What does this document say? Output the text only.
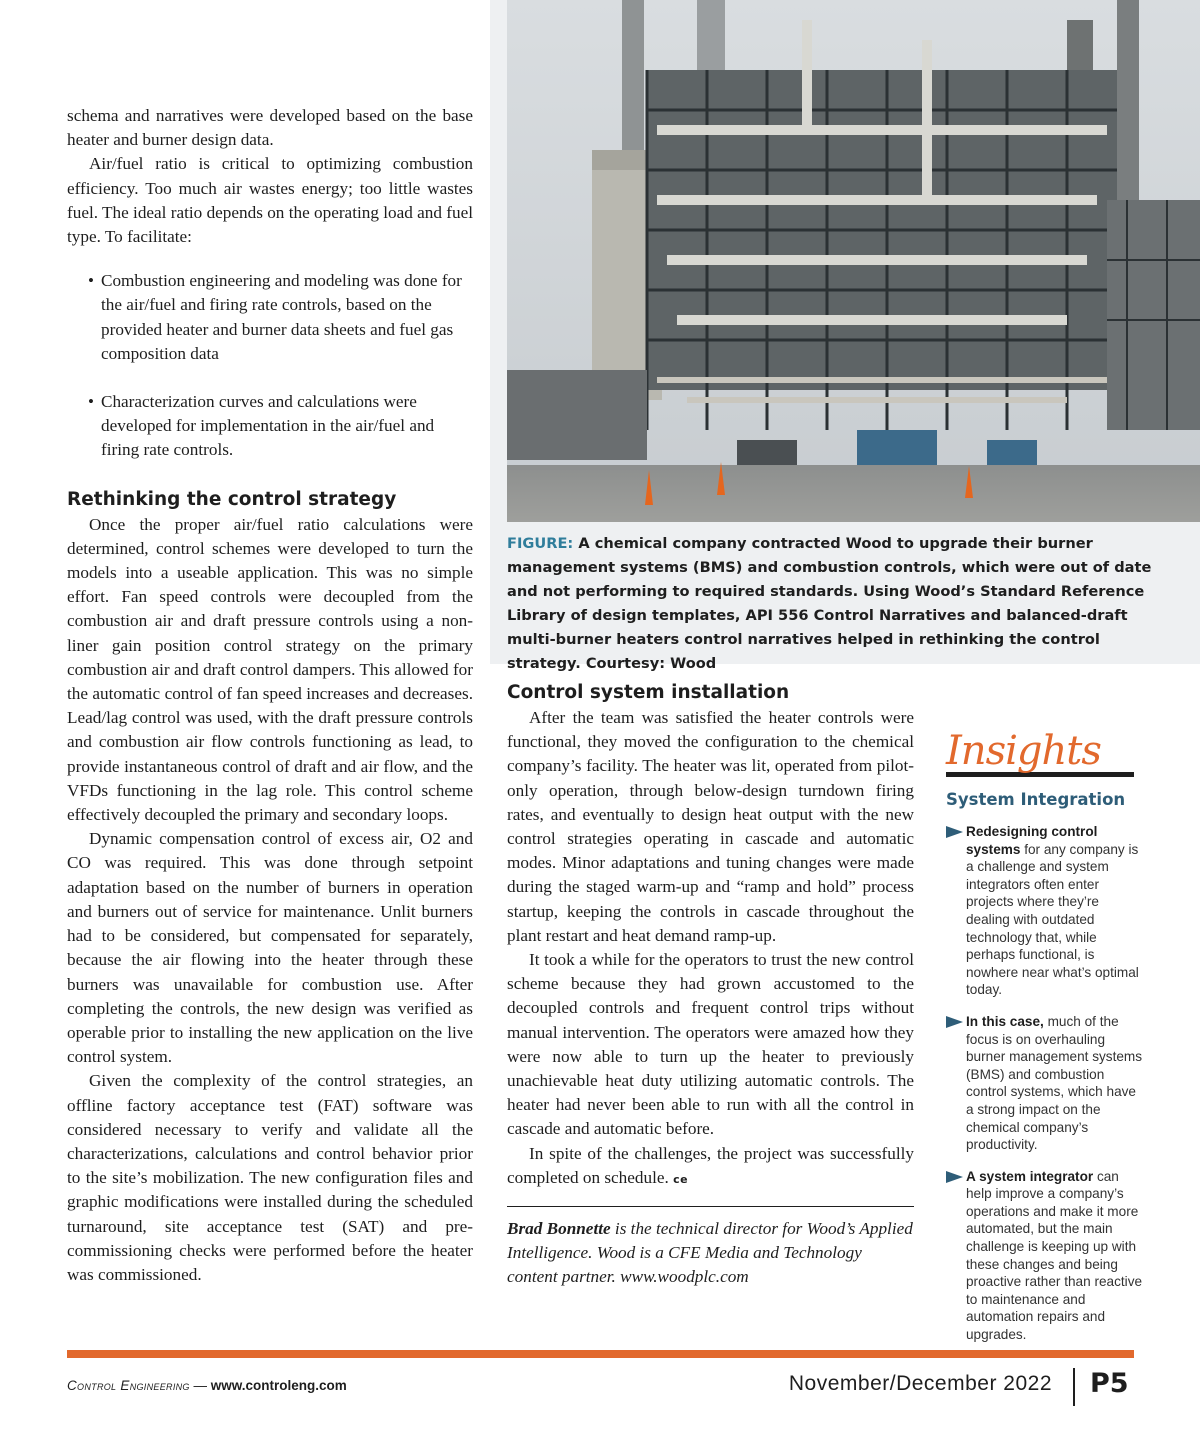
schema and narratives were developed based on the base heater and burner design data.

Air/fuel ratio is critical to optimizing combustion efficiency. Too much air wastes energy; too little wastes fuel. The ideal ratio depends on the operating load and fuel type. To facilitate:

• Combustion engineering and modeling was done for the air/fuel and firing rate controls, based on the provided heater and burner data sheets and fuel gas composition data
• Characterization curves and calculations were developed for implementation in the air/fuel and firing rate controls.
Rethinking the control strategy

Once the proper air/fuel ratio calculations were determined, control schemes were developed to turn the models into a useable application. This was no simple effort. Fan speed controls were decoupled from the combustion air and draft pressure controls using a non-liner gain position control strategy on the primary combustion air and draft control dampers. This allowed for the automatic control of fan speed increases and decreases. Lead/lag control was used, with the draft pressure controls and combustion air flow controls functioning as lead, to provide instantaneous control of draft and air flow, and the VFDs functioning in the lag role. This control scheme effectively decoupled the primary and secondary loops.

Dynamic compensation control of excess air, O2 and CO was required. This was done through setpoint adaptation based on the number of burners in operation and burners out of service for maintenance. Unlit burners had to be considered, but compensated for separately, because the air flowing into the heater through these burners was unavailable for combustion use. After completing the controls, the new design was verified as operable prior to installing the new application on the live control system.

Given the complexity of the control strategies, an offline factory acceptance test (FAT) software was considered necessary to verify and validate all the characterizations, calculations and control behavior prior to the site’s mobilization. The new configuration files and graphic modifications were installed during the scheduled turnaround, site acceptance test (SAT) and pre-commissioning checks were performed before the heater was commissioned.

FIGURE: A chemical company contracted Wood to upgrade their burner management systems (BMS) and combustion controls, which were out of date and not performing to required standards. Using Wood’s Standard Reference Library of design templates, API 556 Control Narratives and balanced-draft multi-burner heaters control narratives helped in rethinking the control strategy. Courtesy: Wood
Control system installation

After the team was satisfied the heater controls were functional, they moved the configuration to the chemical company’s facility. The heater was lit, operated from pilot-only operation, through below-design turndown firing rates, and eventually to design heat output with the new control strategies operating in cascade and automatic modes. Minor adaptations and tuning changes were made during the staged warm-up and “ramp and hold” process startup, keeping the controls in cascade throughout the plant restart and heat demand ramp-up.

It took a while for the operators to trust the new control scheme because they had grown accustomed to the decoupled controls and frequent control trips without manual intervention. The operators were amazed how they were now able to turn up the heater to previously unachievable heat duty utilizing automatic controls. The heater had never been able to run with all the control in cascade and automatic before.

In spite of the challenges, the project was successfully completed on schedule. ce

Brad Bonnette is the technical director for Wood’s Applied Intelligence. Wood is a CFE Media and Technology content partner. www.woodplc.com

Insights
System Integration
Redesigning control systems for any company is a challenge and system integrators often enter projects where they’re dealing with outdated technology that, while perhaps functional, is nowhere near what’s optimal today.
In this case, much of the focus is on overhauling burner management systems (BMS) and combustion control systems, which have a strong impact on the chemical company’s productivity.
A system integrator can help improve a company’s operations and make it more automated, but the main challenge is keeping up with these changes and being proactive rather than reactive to maintenance and automation repairs and upgrades.
Control Engineering — www.controleng.com	November/December 2022 P5
